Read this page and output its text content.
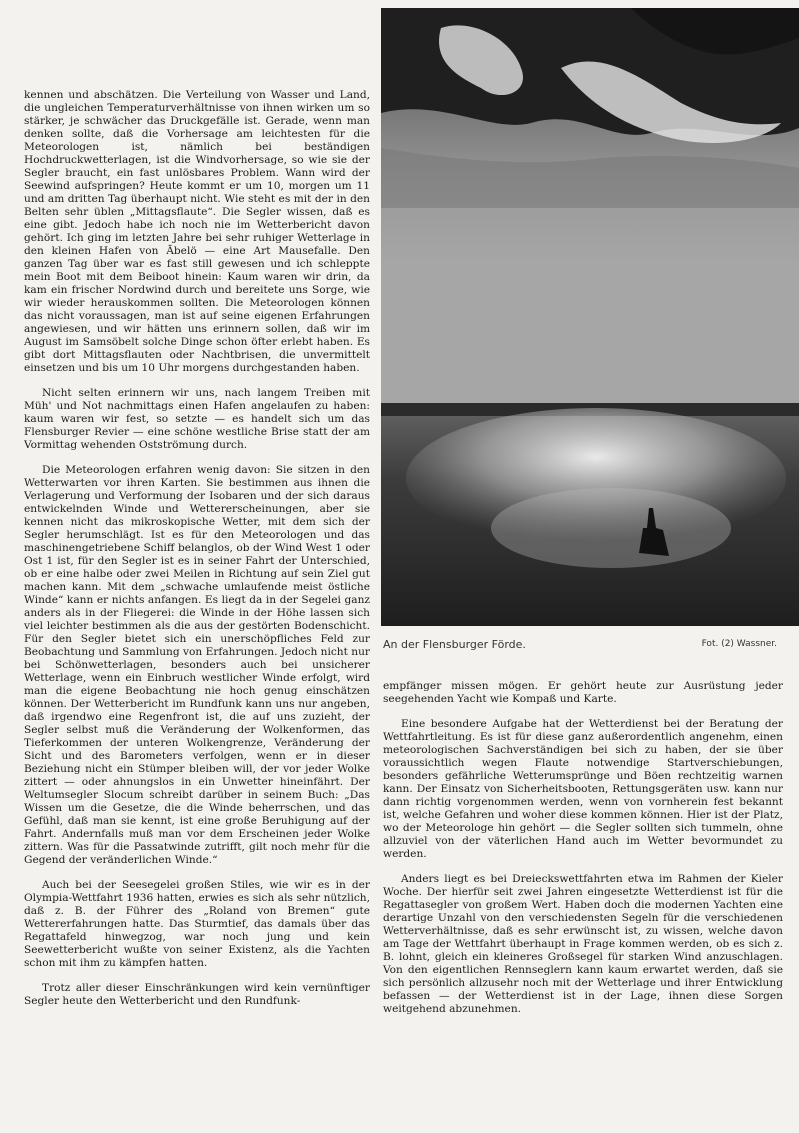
kennen und abschätzen. Die Verteilung von Wasser und Land, die ungleichen Temperaturverhältnisse von ihnen wirken um so stärker, je schwächer das Druckgefälle ist. Gerade, wenn man denken sollte, daß die Vorhersage am leichtesten für die Meteorologen ist, nämlich bei beständigen Hochdruckwetterlagen, ist die Windvorhersage, so wie sie der Segler braucht, ein fast unlösbares Problem. Wann wird der Seewind aufspringen? Heute kommt er um 10, morgen um 11 und am dritten Tag überhaupt nicht. Wie steht es mit der in den Belten sehr üblen „Mittagsflaute“. Die Segler wissen, daß es eine gibt. Jedoch habe ich noch nie im Wetterbericht davon gehört. Ich ging im letzten Jahre bei sehr ruhiger Wetterlage in den kleinen Hafen von Ābelö — eine Art Mausefalle. Den ganzen Tag über war es fast still gewesen und ich schleppte mein Boot mit dem Beiboot hinein: Kaum waren wir drin, da kam ein frischer Nordwind durch und bereitete uns Sorge, wie wir wieder herauskommen sollten. Die Meteorologen können das nicht voraussagen, man ist auf seine eigenen Erfahrungen angewiesen, und wir hätten uns erinnern sollen, daß wir im August im Samsöbelt solche Dinge schon öfter erlebt haben. Es gibt dort Mittagsflauten oder Nachtbrisen, die unvermittelt einsetzen und bis um 10 Uhr morgens durchgestanden haben.

Nicht selten erinnern wir uns, nach langem Treiben mit Müh' und Not nachmittags einen Hafen angelaufen zu haben: kaum waren wir fest, so setzte — es handelt sich um das Flensburger Revier — eine schöne westliche Brise statt der am Vormittag wehenden Ostströmung durch.

Die Meteorologen erfahren wenig davon: Sie sitzen in den Wetterwarten vor ihren Karten. Sie bestimmen aus ihnen die Verlagerung und Verformung der Isobaren und der sich daraus entwickelnden Winde und Wettererscheinungen, aber sie kennen nicht das mikroskopische Wetter, mit dem sich der Segler herumschlägt. Ist es für den Meteorologen und das maschinengetriebene Schiff belanglos, ob der Wind West 1 oder Ost 1 ist, für den Segler ist es in seiner Fahrt der Unterschied, ob er eine halbe oder zwei Meilen in Richtung auf sein Ziel gut machen kann. Mit dem „schwache umlaufende meist östliche Winde“ kann er nichts anfangen. Es liegt da in der Segelei ganz anders als in der Fliegerei: die Winde in der Höhe lassen sich viel leichter bestimmen als die aus der gestörten Bodenschicht. Für den Segler bietet sich ein unerschöpfliches Feld zur Beobachtung und Sammlung von Erfahrungen. Jedoch nicht nur bei Schönwetterlagen, besonders auch bei unsicherer Wetterlage, wenn ein Einbruch westlicher Winde erfolgt, wird man die eigene Beobachtung nie hoch genug einschätzen können. Der Wetterbericht im Rundfunk kann uns nur angeben, daß irgendwo eine Regenfront ist, die auf uns zuzieht, der Segler selbst muß die Veränderung der Wolkenformen, das Tieferkommen der unteren Wolkengrenze, Veränderung der Sicht und des Barometers verfolgen, wenn er in dieser Beziehung nicht ein Stümper bleiben will, der vor jeder Wolke zittert — oder ahnungslos in ein Unwetter hineinfährt. Der Weltumsegler Slocum schreibt darüber in seinem Buch: „Das Wissen um die Gesetze, die die Winde beherrschen, und das Gefühl, daß man sie kennt, ist eine große Beruhigung auf der Fahrt. Andernfalls muß man vor dem Erscheinen jeder Wolke zittern. Was für die Passatwinde zutrifft, gilt noch mehr für die Gegend der veränderlichen Winde.“

Auch bei der Seesegelei großen Stiles, wie wir es in der Olympia-Wettfahrt 1936 hatten, erwies es sich als sehr nützlich, daß z. B. der Führer des „Roland von Bremen“ gute Wettererfahrungen hatte. Das Sturmtief, das damals über das Regattafeld hinwegzog, war noch jung und kein Seewetterbericht wußte von seiner Existenz, als die Yachten schon mit ihm zu kämpfen hatten.

Trotz aller dieser Einschränkungen wird kein vernünftiger Segler heute den Wetterbericht und den Rundfunk-

An der Flensburger Förde.	Fot. (2) Wassner.

empfänger missen mögen. Er gehört heute zur Ausrüstung jeder seegehenden Yacht wie Kompaß und Karte.

Eine besondere Aufgabe hat der Wetterdienst bei der Beratung der Wettfahrtleitung. Es ist für diese ganz außerordentlich angenehm, einen meteorologischen Sachverständigen bei sich zu haben, der sie über voraussichtlich wegen Flaute notwendige Startverschiebungen, besonders gefährliche Wetterumsprünge und Böen rechtzeitig warnen kann. Der Einsatz von Sicherheitsbooten, Rettungsgeräten usw. kann nur dann richtig vorgenommen werden, wenn von vornherein fest bekannt ist, welche Gefahren und woher diese kommen können. Hier ist der Platz, wo der Meteorologe hin gehört — die Segler sollten sich tummeln, ohne allzuviel von der väterlichen Hand auch im Wetter bevormundet zu werden.

Anders liegt es bei Dreieckswettfahrten etwa im Rahmen der Kieler Woche. Der hierfür seit zwei Jahren eingesetzte Wetterdienst ist für die Regattasegler von großem Wert. Haben doch die modernen Yachten eine derartige Unzahl von den verschiedensten Segeln für die verschiedenen Wetterverhältnisse, daß es sehr erwünscht ist, zu wissen, welche davon am Tage der Wettfahrt überhaupt in Frage kommen werden, ob es sich z. B. lohnt, gleich ein kleineres Großsegel für starken Wind anzuschlagen. Von den eigentlichen Rennseglern kann kaum erwartet werden, daß sie sich persönlich allzusehr noch mit der Wetterlage und ihrer Entwicklung befassen — der Wetterdienst ist in der Lage, ihnen diese Sorgen weitgehend abzunehmen.
